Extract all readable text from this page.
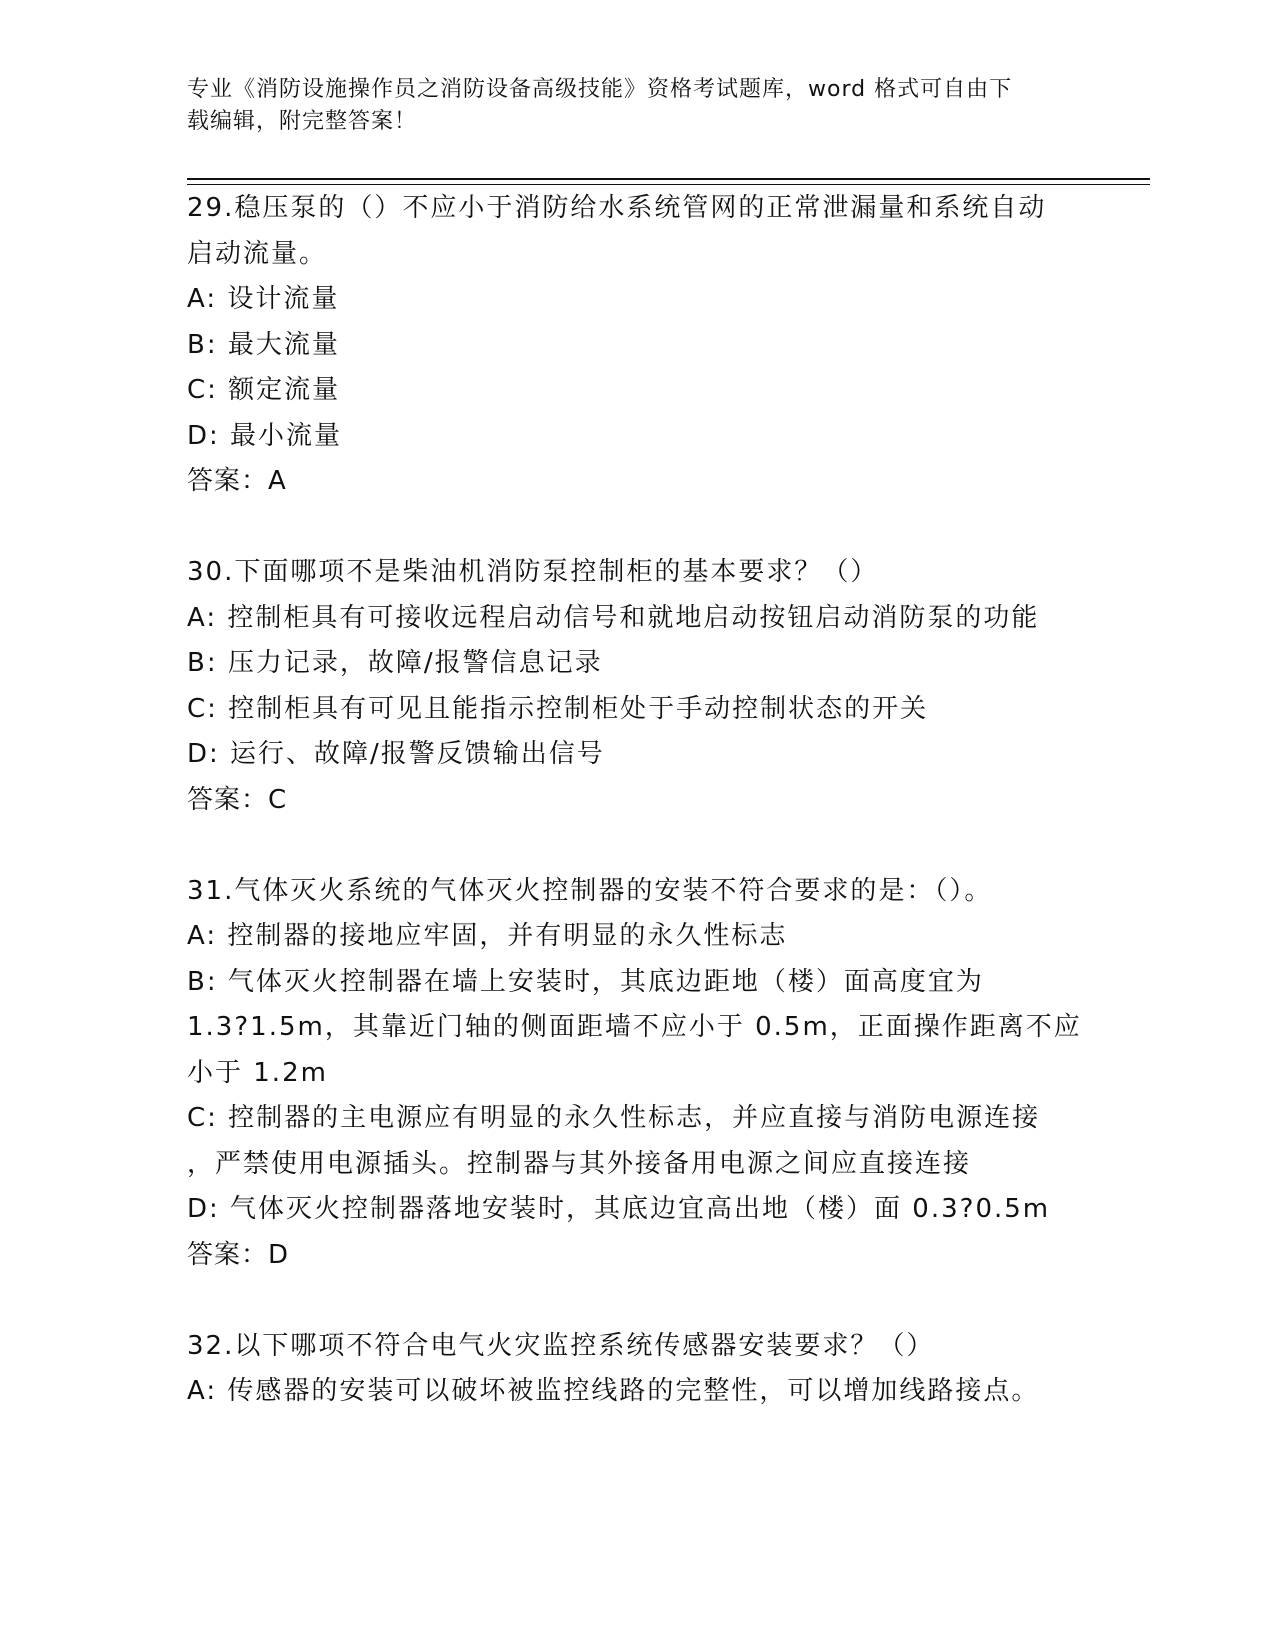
专业《消防设施操作员之消防设备高级技能》资格考试题库，word 格式可自由下
载编辑，附完整答案！
29.稳压泵的（）不应小于消防给水系统管网的正常泄漏量和系统自动
启动流量。
A: 设计流量
B: 最大流量
C: 额定流量
D: 最小流量
答案：A
30.下面哪项不是柴油机消防泵控制柜的基本要求？（）
A: 控制柜具有可接收远程启动信号和就地启动按钮启动消防泵的功能
B: 压力记录，故障/报警信息记录
C: 控制柜具有可见且能指示控制柜处于手动控制状态的开关
D: 运行、故障/报警反馈输出信号
答案：C
31.气体灭火系统的气体灭火控制器的安装不符合要求的是：（）。
A: 控制器的接地应牢固，并有明显的永久性标志
B: 气体灭火控制器在墙上安装时，其底边距地（楼）面高度宜为
1.3?1.5m，其靠近门轴的侧面距墙不应小于 0.5m，正面操作距离不应
小于 1.2m
C: 控制器的主电源应有明显的永久性标志，并应直接与消防电源连接
，严禁使用电源插头。控制器与其外接备用电源之间应直接连接
D: 气体灭火控制器落地安装时，其底边宜高出地（楼）面 0.3?0.5m
答案：D
32.以下哪项不符合电气火灾监控系统传感器安装要求？（）
A: 传感器的安装可以破坏被监控线路的完整性，可以增加线路接点。
